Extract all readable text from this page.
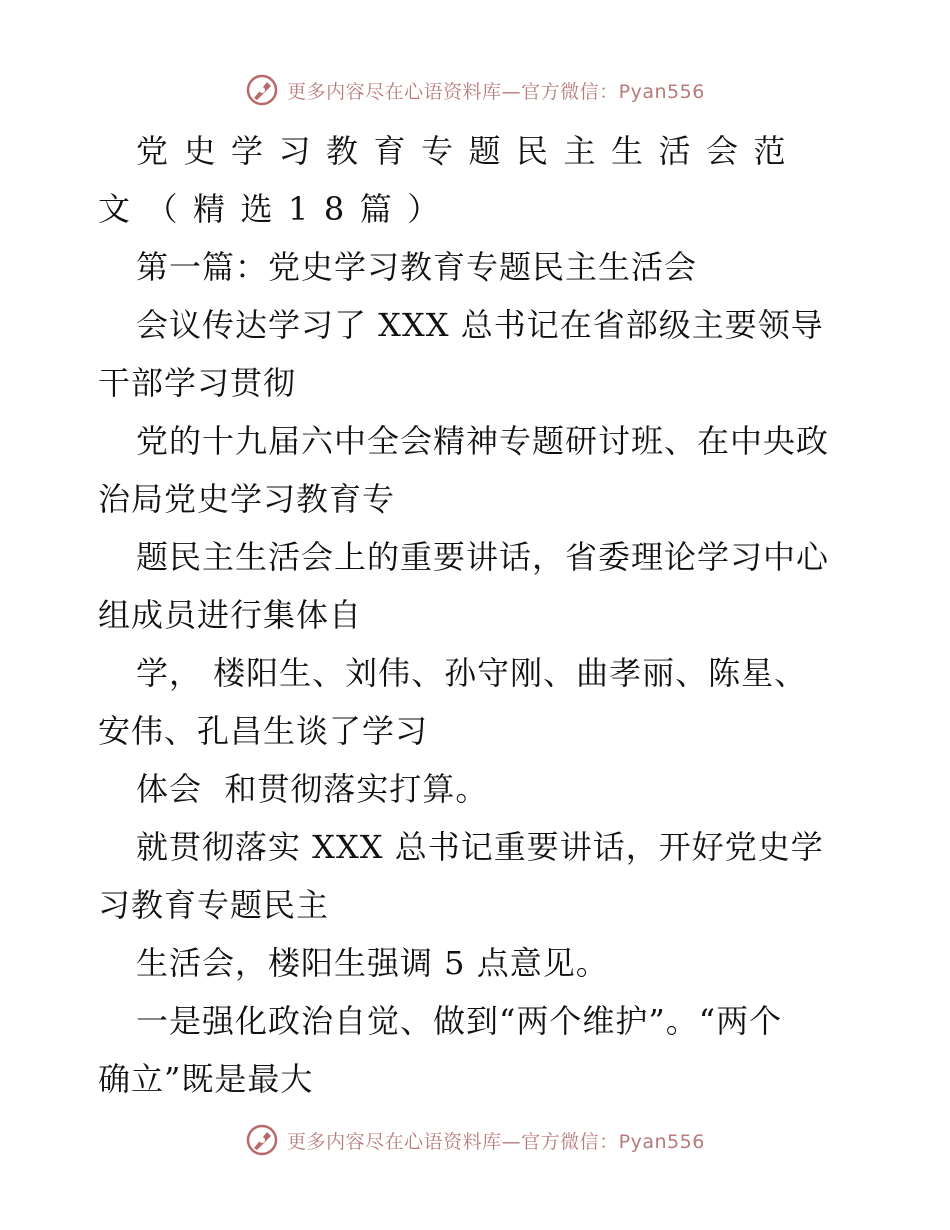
更多内容尽在心语资料库—官方微信：Pyan556
党史学习教育专题民主生活会范
文（精选18篇）
第一篇：党史学习教育专题民主生活会
会议传达学习了 XXX 总书记在省部级主要领导
干部学习贯彻
党的十九届六中全会精神专题研讨班、在中央政
治局党史学习教育专
题民主生活会上的重要讲话，省委理论学习中心
组成员进行集体自
学， 楼阳生、刘伟、孙守刚、曲孝丽、陈星、
安伟、孔昌生谈了学习
体会  和贯彻落实打算。
就贯彻落实 XXX 总书记重要讲话，开好党史学
习教育专题民主
生活会，楼阳生强调 5 点意见。
一是强化政治自觉、做到“两个维护”。“两个
确立”既是最大
更多内容尽在心语资料库—官方微信：Pyan556
